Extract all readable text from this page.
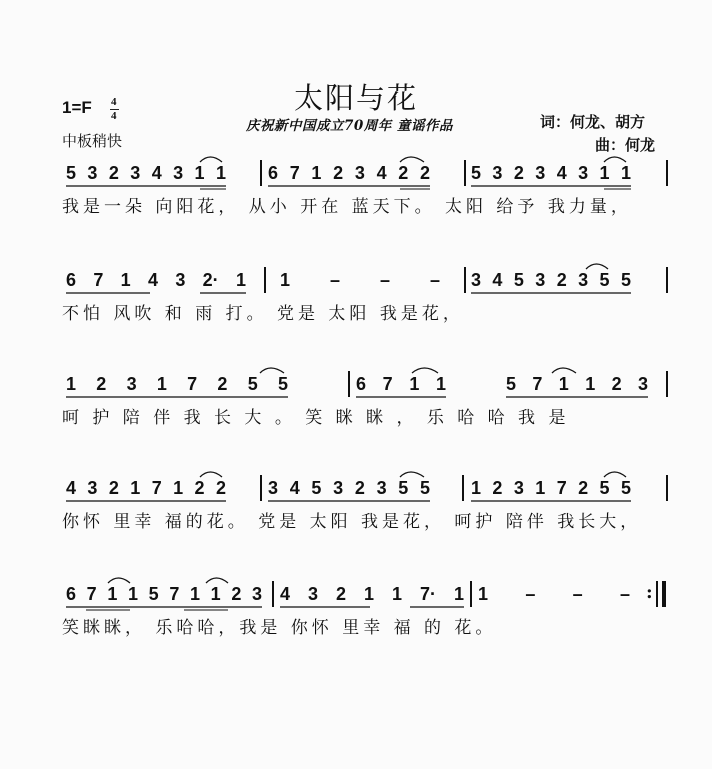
太阳与花
1=F 4
4
中板稍快
庆祝新中国成立70周年 童谣作品	词：何龙、胡方
曲：何龙
5 3 2 3 4 3 1 1 6 7 1 2 3 4 2 2 5 3 2 3 4 3 1 1
我是一朵 向阳花， 从小 开在 蓝天下。 太阳 给予 我力量，
6 7 1 4 3 2· 1 1 – – – 3 4 5 3 2 3 5 5
不怕 风吹 和 雨 打。 党是 太阳 我是花，
1 2 3 1 7 2 5 5	6 7 1 1	5 7 1 1 2 3
呵 护 陪 伴 我 长 大 。 笑 眯 眯 ， 乐 哈 哈 我 是
4 3 2 1 7 1 2 2 3 4 5 3 2 3 5 5 1 2 3 1 7 2 5 5
你怀 里幸 福的花。 党是 太阳 我是花， 呵护 陪伴 我长大，
6 7 1 1 5 7 1 1 2 3 4 3 2 1 1 7· 1 1 – – – :
笑眯眯， 乐哈哈，我是 你怀 里幸 福 的 花。
